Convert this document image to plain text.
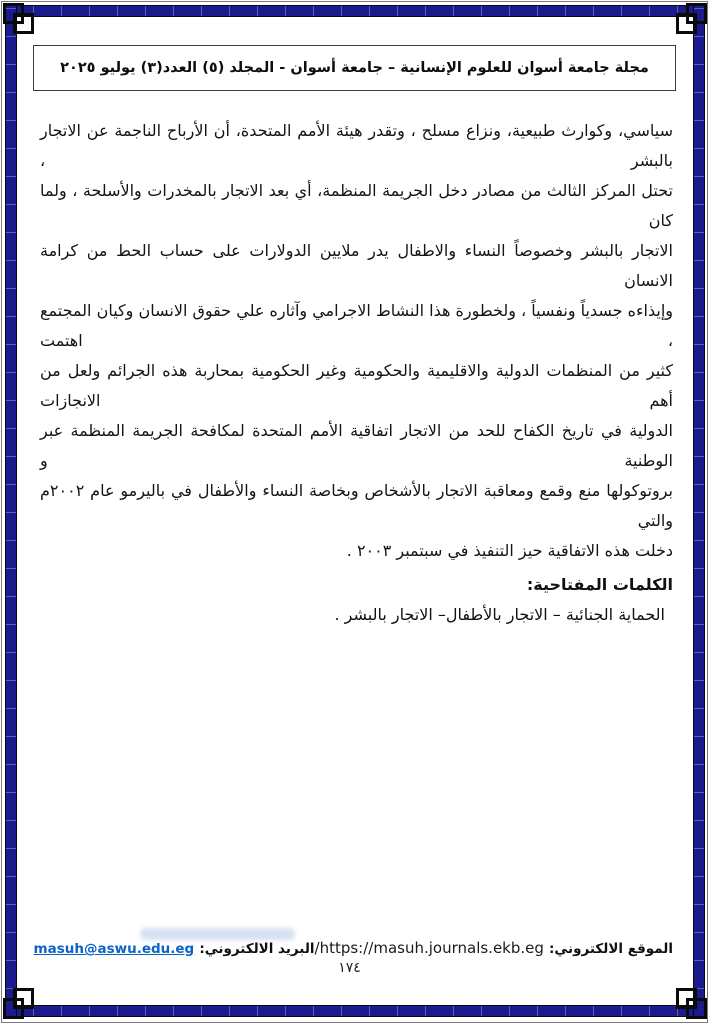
مجلة جامعة أسوان للعلوم الإنسانية – جامعة أسوان - المجلد (٥) العدد(٣) يوليو ٢٠٢٥
سياسي، وكوارث طبيعية، ونزاع مسلح ، وتقدر هيئة الأمم المتحدة، أن الأرباح الناجمة عن الاتجار بالبشر ،
تحتل المركز الثالث من مصادر دخل الجريمة المنظمة، أي بعد الاتجار بالمخدرات والأسلحة ، ولما كان
الاتجار بالبشر وخصوصاً النساء والاطفال يدر ملايين الدولارات على حساب الحط من كرامة الانسان
وإيذاءه جسدياً ونفسياً ، ولخطورة هذا النشاط الاجرامي وآثاره علي حقوق الانسان وكيان المجتمع ، اهتمت
كثير من المنظمات الدولية والاقليمية والحكومية وغير الحكومية بمحاربة هذه الجرائم ولعل من أهم الانجازات
الدولية في تاريخ الكفاح للحد من الاتجار اتفاقية الأمم المتحدة لمكافحة الجريمة المنظمة عبر الوطنية و
بروتوكولها منع وقمع ومعاقبة الاتجار بالأشخاص وبخاصة النساء والأطفال في باليرمو عام ٢٠٠٢م والتي
دخلت هذه الاتفاقية حيز التنفيذ في سبتمبر ٢٠٠٣ .
الكلمات المفتاحية:
الحماية الجنائية – الاتجار بالأطفال– الاتجار بالبشر .
الموقع الالكتروني: https://masuh.journals.ekb.eg/
البريد الالكتروني: masuh@aswu.edu.eg
١٧٤
